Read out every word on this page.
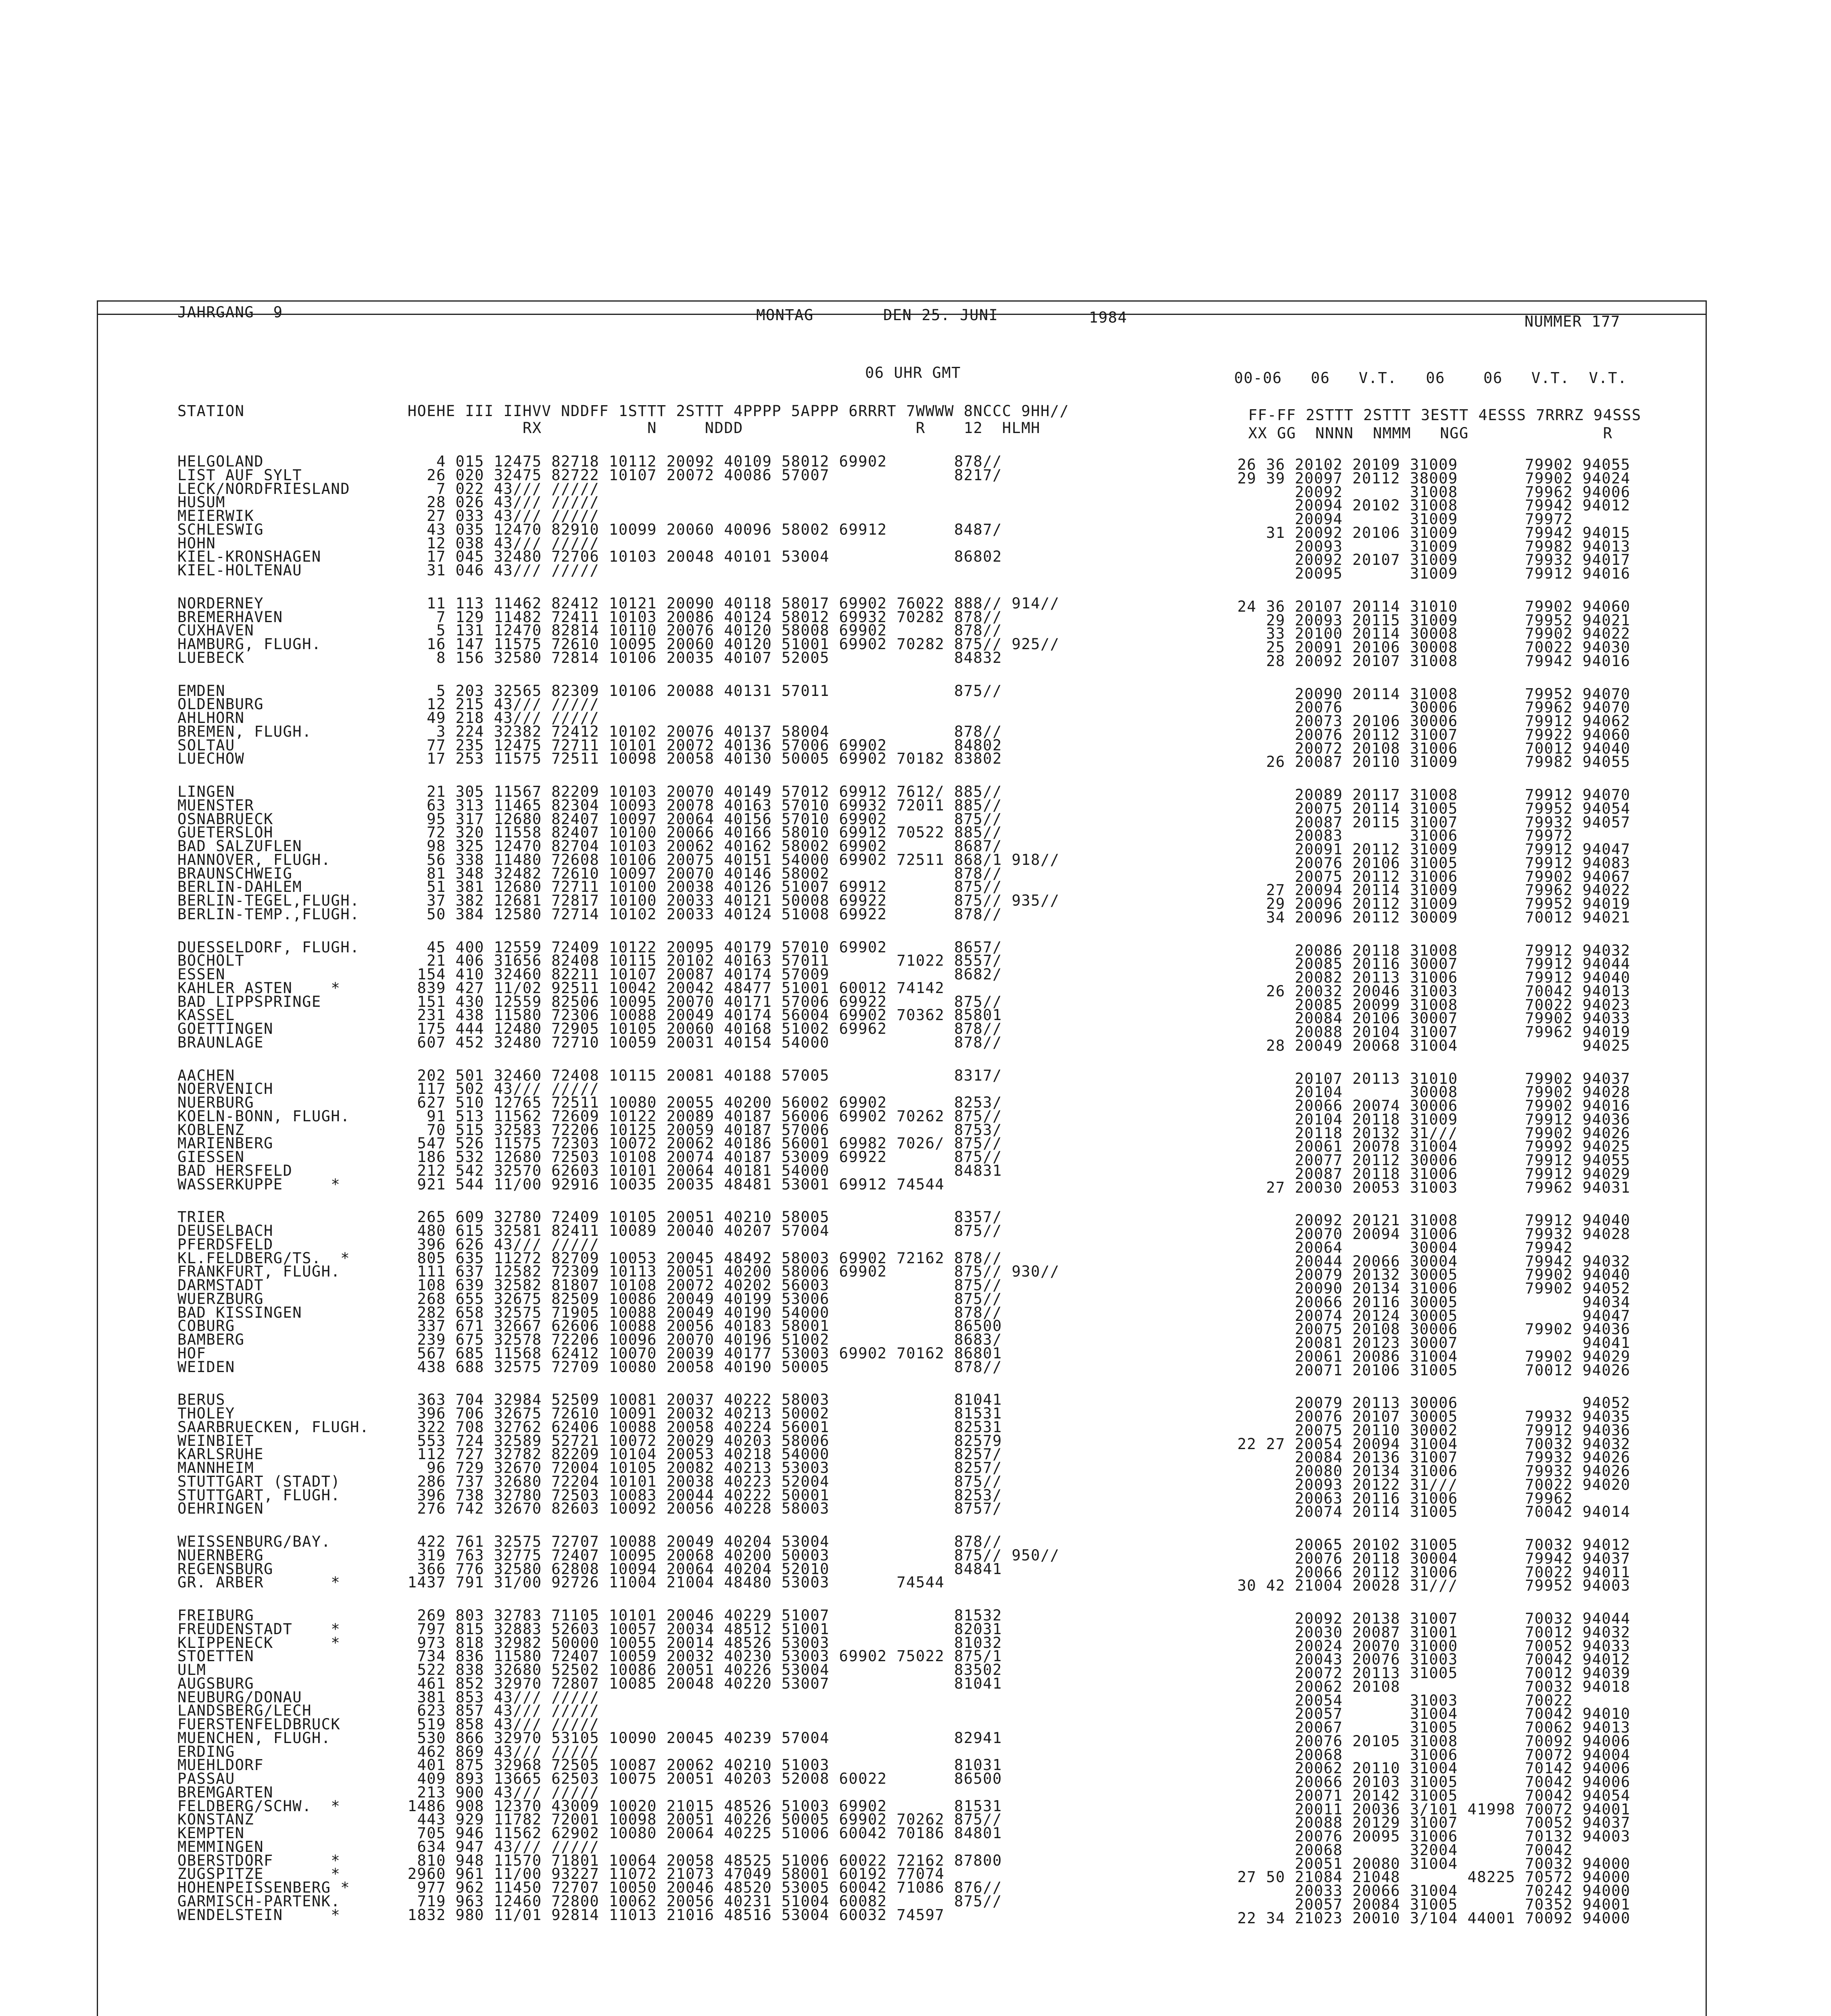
JAHRGANG  9	MONTAG	DEN 25. JUNI	1984	NUMMER 177
06 UHR GMT	00-06   06   V.T.   06    06   V.T.  V.T.
STATION                 HOEHE III IIHVV NDDFF 1STTT 2STTT 4PPPP 5APPP 6RRRT 7WWWW 8NCCC 9HH//	FF-FF 2STTT 2STTT 3ESTT 4ESSS 7RRRZ 94SSS
RX           N     NDDD                  R    12  HLMH	XX GG  NNNN  NMMM   NGG              R
HELGOLAND                  4 015 12475 82718 10112 20092 40109 58012 69902       878//	26 36 20102 20109 31009       79902 94055
LIST AUF SYLT             26 020 32475 82722 10107 20072 40086 57007             8217/	29 39 20097 20112 38009       79902 94024
LECK/NORDFRIESLAND         7 022 43/// /////	20092       31008       79962 94006
HUSUM                     28 026 43/// /////	20094 20102 31008       79942 94012
MEIERWIK                  27 033 43/// /////	20094       31009       79972
SCHLESWIG                 43 035 12470 82910 10099 20060 40096 58002 69912       8487/	31 20092 20106 31009       79942 94015
HOHN                      12 038 43/// /////	20093       31009       79982 94013
KIEL-KRONSHAGEN           17 045 32480 72706 10103 20048 40101 53004             86802	20092 20107 31009       79932 94017
KIEL-HOLTENAU             31 046 43/// /////	20095       31009       79912 94016
NORDERNEY                 11 113 11462 82412 10121 20090 40118 58017 69902 76022 888// 914//	24 36 20107 20114 31010       79902 94060
BREMERHAVEN                7 129 11482 72411 10103 20086 40124 58012 69932 70282 878//	29 20093 20115 31009       79952 94021
CUXHAVEN                   5 131 12470 82814 10110 20076 40120 58008 69902       878//	33 20100 20114 30008       79902 94022
HAMBURG, FLUGH.           16 147 11575 72610 10095 20060 40120 51001 69902 70282 875// 925//	25 20091 20106 30008       70022 94030
LUEBECK                    8 156 32580 72814 10106 20035 40107 52005             84832	28 20092 20107 31008       79942 94016
EMDEN                      5 203 32565 82309 10106 20088 40131 57011             875//	20090 20114 31008       79952 94070
OLDENBURG                 12 215 43/// /////	20076       30006       79962 94070
AHLHORN                   49 218 43/// /////	20073 20106 30006       79912 94062
BREMEN, FLUGH.             3 224 32382 72412 10102 20076 40137 58004             878//	20076 20112 31007       79922 94060
SOLTAU                    77 235 12475 72711 10101 20072 40136 57006 69902       84802	20072 20108 31006       70012 94040
LUECHOW                   17 253 11575 72511 10098 20058 40130 50005 69902 70182 83802	26 20087 20110 31009       79982 94055
LINGEN                    21 305 11567 82209 10103 20070 40149 57012 69912 7612/ 885//	20089 20117 31008       79912 94070
MUENSTER                  63 313 11465 82304 10093 20078 40163 57010 69932 72011 885//	20075 20114 31005       79952 94054
OSNABRUECK                95 317 12680 82407 10097 20064 40156 57010 69902       875//	20087 20115 31007       79932 94057
GUETERSLOH                72 320 11558 82407 10100 20066 40166 58010 69912 70522 885//	20083       31006       79972
BAD SALZUFLEN             98 325 12470 82704 10103 20062 40162 58002 69902       8687/	20091 20112 31009       79912 94047
HANNOVER, FLUGH.          56 338 11480 72608 10106 20075 40151 54000 69902 72511 868/1 918//	20076 20106 31005       79912 94083
BRAUNSCHWEIG              81 348 32482 72610 10097 20070 40146 58002             878//	20075 20112 31006       79902 94067
BERLIN-DAHLEM             51 381 12680 72711 10100 20038 40126 51007 69912       875//	27 20094 20114 31009       79962 94022
BERLIN-TEGEL,FLUGH.       37 382 12681 72817 10100 20033 40121 50008 69922       875// 935//	29 20096 20112 31009       79952 94019
BERLIN-TEMP.,FLUGH.       50 384 12580 72714 10102 20033 40124 51008 69922       878//	34 20096 20112 30009       70012 94021
DUESSELDORF, FLUGH.       45 400 12559 72409 10122 20095 40179 57010 69902       8657/	20086 20118 31008       79912 94032
BOCHOLT                   21 406 31656 82408 10115 20102 40163 57011       71022 8557/	20085 20116 30007       79912 94044
ESSEN                    154 410 32460 82211 10107 20087 40174 57009             8682/	20082 20113 31006       79912 94040
KAHLER ASTEN    *        839 427 11/02 92511 10042 20042 48477 51001 60012 74142	26 20032 20046 31003       70042 94013
BAD LIPPSPRINGE          151 430 12559 82506 10095 20070 40171 57006 69922       875//	20085 20099 31008       70022 94023
KASSEL                   231 438 11580 72306 10088 20049 40174 56004 69902 70362 85801	20084 20106 30007       79902 94033
GOETTINGEN               175 444 12480 72905 10105 20060 40168 51002 69962       878//	20088 20104 31007       79962 94019
BRAUNLAGE                607 452 32480 72710 10059 20031 40154 54000             878//	28 20049 20068 31004             94025
AACHEN                   202 501 32460 72408 10115 20081 40188 57005             8317/	20107 20113 31010       79902 94037
NOERVENICH               117 502 43/// /////	20104       30008       79902 94028
NUERBURG                 627 510 12765 72511 10080 20055 40200 56002 69902       8253/	20066 20074 30006       79902 94016
KOELN-BONN, FLUGH.        91 513 11562 72609 10122 20089 40187 56006 69902 70262 875//	20104 20118 31009       79912 94036
KOBLENZ                   70 515 32583 72206 10125 20059 40187 57006             8753/	20118 20132 31///       79902 94026
MARIENBERG               547 526 11575 72303 10072 20062 40186 56001 69982 7026/ 875//	20061 20078 31004       79992 94025
GIESSEN                  186 532 12680 72503 10108 20074 40187 53009 69922       875//	20077 20112 30006       79912 94055
BAD HERSFELD             212 542 32570 62603 10101 20064 40181 54000             84831	20087 20118 31006       79912 94029
WASSERKUPPE     *        921 544 11/00 92916 10035 20035 48481 53001 69912 74544	27 20030 20053 31003       79962 94031
TRIER                    265 609 32780 72409 10105 20051 40210 58005             8357/	20092 20121 31008       79912 94040
DEUSELBACH               480 615 32581 82411 10089 20040 40207 57004             875//	20070 20094 31006       79932 94028
PFERDSFELD               396 626 43/// /////	20064       30004       79942
KL.FELDBERG/TS.  *       805 635 11272 82709 10053 20045 48492 58003 69902 72162 878//	20044 20066 30004       79942 94032
FRANKFURT, FLUGH.        111 637 12582 72309 10113 20051 40200 58006 69902       875// 930//	20079 20132 30005       79902 94040
DARMSTADT                108 639 32582 81807 10108 20072 40202 56003             875//	20090 20134 31006       79902 94052
WUERZBURG                268 655 32675 82509 10086 20049 40199 53006             875//	20066 20116 30005             94034
BAD KISSINGEN            282 658 32575 71905 10088 20049 40190 54000             878//	20074 20124 30005             94047
COBURG                   337 671 32667 62606 10088 20056 40183 58001             86500	20075 20108 30006       79902 94036
BAMBERG                  239 675 32578 72206 10096 20070 40196 51002             8683/	20081 20123 30007             94041
HOF                      567 685 11568 62412 10070 20039 40177 53003 69902 70162 86801	20061 20086 31004       79902 94029
WEIDEN                   438 688 32575 72709 10080 20058 40190 50005             878//	20071 20106 31005       70012 94026
BERUS                    363 704 32984 52509 10081 20037 40222 58003             81041	20079 20113 30006             94052
THOLEY                   396 706 32675 72610 10091 20032 40213 50002             81531	20076 20107 30005       79932 94035
SAARBRUECKEN, FLUGH.     322 708 32762 62406 10088 20058 40224 56001             82531	20075 20110 30002       79912 94036
WEINBIET                 553 724 32589 52721 10072 20029 40203 58006             82579	22 27 20054 20094 31004       70032 94032
KARLSRUHE                112 727 32782 82209 10104 20053 40218 54000             8257/	20084 20136 31007       79932 94026
MANNHEIM                  96 729 32670 72004 10105 20082 40213 53003             8257/	20080 20134 31006       79932 94026
STUTTGART (STADT)        286 737 32680 72204 10101 20038 40223 52004             875//	20093 20122 31///       70022 94020
STUTTGART, FLUGH.        396 738 32780 72503 10083 20044 40222 50001             8253/	20063 20116 31006       79962
OEHRINGEN                276 742 32670 82603 10092 20056 40228 58003             8757/	20074 20114 31005       70042 94014
WEISSENBURG/BAY.         422 761 32575 72707 10088 20049 40204 53004             878//	20065 20102 31005       70032 94012
NUERNBERG                319 763 32775 72407 10095 20068 40200 50003             875// 950//	20076 20118 30004       79942 94037
REGENSBURG               366 776 32580 62808 10094 20064 40204 52010             84841	20066 20112 31006       70022 94011
GR. ARBER       *       1437 791 31/00 92726 11004 21004 48480 53003       74544	30 42 21004 20028 31///       79952 94003
FREIBURG                 269 803 32783 71105 10101 20046 40229 51007             81532	20092 20138 31007       70032 94044
FREUDENSTADT    *        797 815 32883 52603 10057 20034 48512 51001             82031	20030 20087 31001       70012 94032
KLIPPENECK      *        973 818 32982 50000 10055 20014 48526 53003             81032	20024 20070 31000       70052 94033
STOETTEN                 734 836 11580 72407 10059 20032 40230 53003 69902 75022 875/1	20043 20076 31003       70042 94012
ULM                      522 838 32680 52502 10086 20051 40226 53004             83502	20072 20113 31005       70012 94039
AUGSBURG                 461 852 32970 72807 10085 20048 40220 53007             81041	20062 20108             70032 94018
NEUBURG/DONAU            381 853 43/// /////	20054       31003       70022
LANDSBERG/LECH           623 857 43/// /////	20057       31004       70042 94010
FUERSTENFELDBRUCK        519 858 43/// /////	20067       31005       70062 94013
MUENCHEN, FLUGH.         530 866 32970 53105 10090 20045 40239 57004             82941	20076 20105 31008       70092 94006
ERDING                   462 869 43/// /////	20068       31006       70072 94004
MUEHLDORF                401 875 32968 72505 10087 20062 40210 51003             81031	20062 20110 31004       70142 94006
PASSAU                   409 893 13665 62503 10075 20051 40203 52008 60022       86500	20066 20103 31005       70042 94006
BREMGARTEN               213 900 43/// /////	20071 20142 31005       70042 94054
FELDBERG/SCHW.  *       1486 908 12370 43009 10020 21015 48526 51003 69902       81531	20011 20036 3/101 41998 70072 94001
KONSTANZ                 443 929 11782 72001 10098 20051 40226 50005 69902 70262 875//	20088 20129 31007       70052 94037
KEMPTEN                  705 946 11562 62902 10080 20064 40225 51006 60042 70186 84801	20076 20095 31006       70132 94003
MEMMINGEN                634 947 43/// /////	20068       32004       70042
OBERSTDORF      *        810 948 11570 71801 10064 20058 48525 51006 60022 72162 87800	20051 20080 31004       70032 94000
ZUGSPITZE       *       2960 961 11/00 93227 11072 21073 47049 58001 60192 77074	27 50 21084 21048       48225 70572 94000
HOHENPEISSENBERG *       977 962 11450 72707 10050 20046 48520 53005 60042 71086 876//	20033 20066 31004       70242 94000
GARMISCH-PARTENK.        719 963 12460 72800 10062 20056 40231 51004 60082       875//	20057 20084 31005       70352 94001
WENDELSTEIN     *       1832 980 11/01 92814 11013 21016 48516 53004 60032 74597	22 34 21023 20010 3/104 44001 70092 94000
